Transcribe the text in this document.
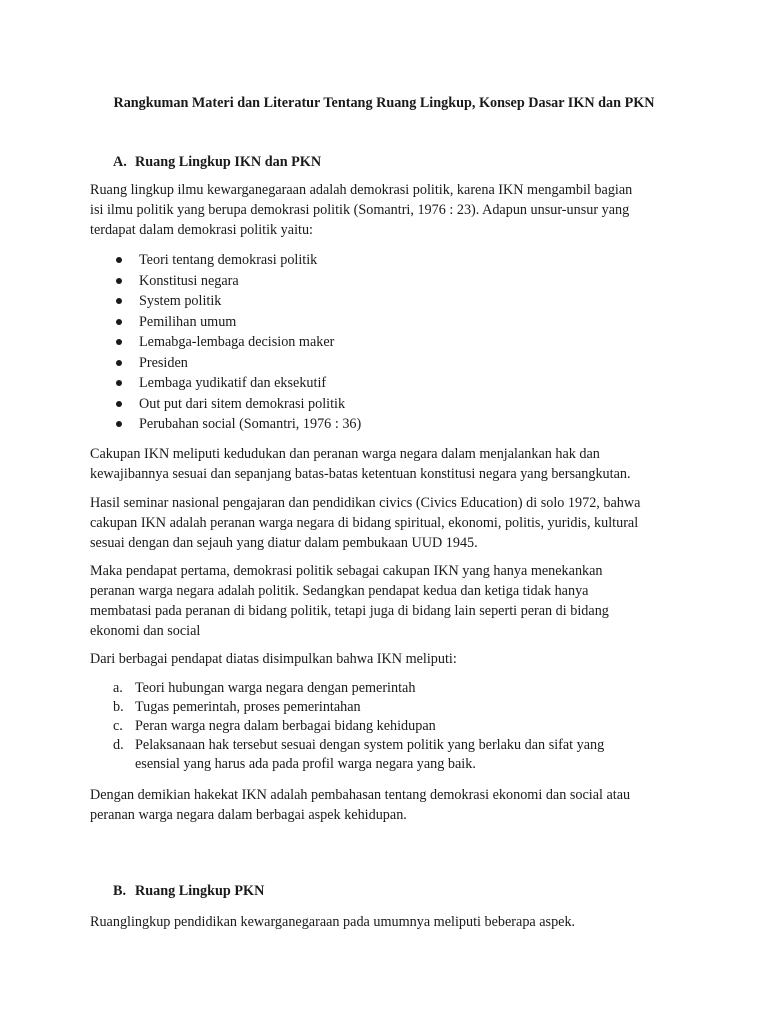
Rangkuman Materi dan Literatur Tentang Ruang Lingkup, Konsep Dasar IKN dan PKN
A. Ruang Lingkup IKN dan PKN
Ruang lingkup ilmu kewarganegaraan adalah demokrasi politik, karena IKN mengambil bagian
isi ilmu politik yang berupa demokrasi politik (Somantri, 1976 : 23). Adapun unsur-unsur yang
terdapat dalam demokrasi politik yaitu:
Teori tentang demokrasi politik
Konstitusi negara
System politik
Pemilihan umum
Lemabga-lembaga decision maker
Presiden
Lembaga yudikatif dan eksekutif
Out put dari sitem demokrasi politik
Perubahan social (Somantri, 1976 : 36)
Cakupan IKN meliputi kedudukan dan peranan warga negara dalam menjalankan hak dan
kewajibannya sesuai dan sepanjang batas-batas ketentuan konstitusi negara yang bersangkutan.
Hasil seminar nasional pengajaran dan pendidikan civics (Civics Education) di solo 1972, bahwa
cakupan IKN adalah peranan warga negara di bidang spiritual, ekonomi, politis, yuridis, kultural
sesuai dengan dan sejauh yang diatur dalam pembukaan UUD 1945.
Maka pendapat pertama, demokrasi politik sebagai cakupan IKN yang hanya menekankan
peranan warga negara adalah politik. Sedangkan pendapat kedua dan ketiga tidak hanya
membatasi pada peranan di bidang politik, tetapi juga di bidang lain seperti peran di bidang
ekonomi dan social
Dari berbagai pendapat diatas disimpulkan bahwa IKN meliputi:
a. Teori hubungan warga negara dengan pemerintah
b. Tugas pemerintah, proses pemerintahan
c. Peran warga negra dalam berbagai bidang kehidupan
d. Pelaksanaan hak tersebut sesuai dengan system politik yang berlaku dan sifat yang
esensial yang harus ada pada profil warga negara yang baik.
Dengan demikian hakekat IKN adalah pembahasan tentang demokrasi ekonomi dan social atau
peranan warga negara dalam berbagai aspek kehidupan.
B. Ruang Lingkup PKN
Ruanglingkup pendidikan kewarganegaraan pada umumnya meliputi beberapa aspek.
